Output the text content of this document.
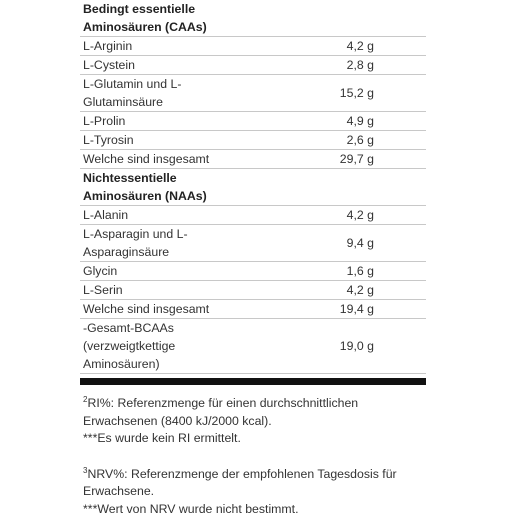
Bedingt essentielle
Aminosäuren (CAAs)	
L-Arginin	4,2 g
L-Cystein	2,8 g
L-Glutamin und L-
Glutaminsäure	15,2 g
L-Prolin	4,9 g
L-Tyrosin	2,6 g
Welche sind insgesamt	29,7 g
Nichtessentielle
Aminosäuren (NAAs)	
L-Alanin	4,2 g
L-Asparagin und L-
Asparaginsäure	9,4 g
Glycin	1,6 g
L-Serin	4,2 g
Welche sind insgesamt	19,4 g
-Gesamt-BCAAs
(verzweigtkettige
Aminosäuren)	19,0 g
$^2$RI%: Referenzmenge für einen durchschnittlichen
Erwachsenen (8400 kJ/2000 kcal).
***Es wurde kein RI ermittelt.
$^3$NRV%: Referenzmenge der empfohlenen Tagesdosis für
Erwachsene.
***Wert von NRV wurde nicht bestimmt.
